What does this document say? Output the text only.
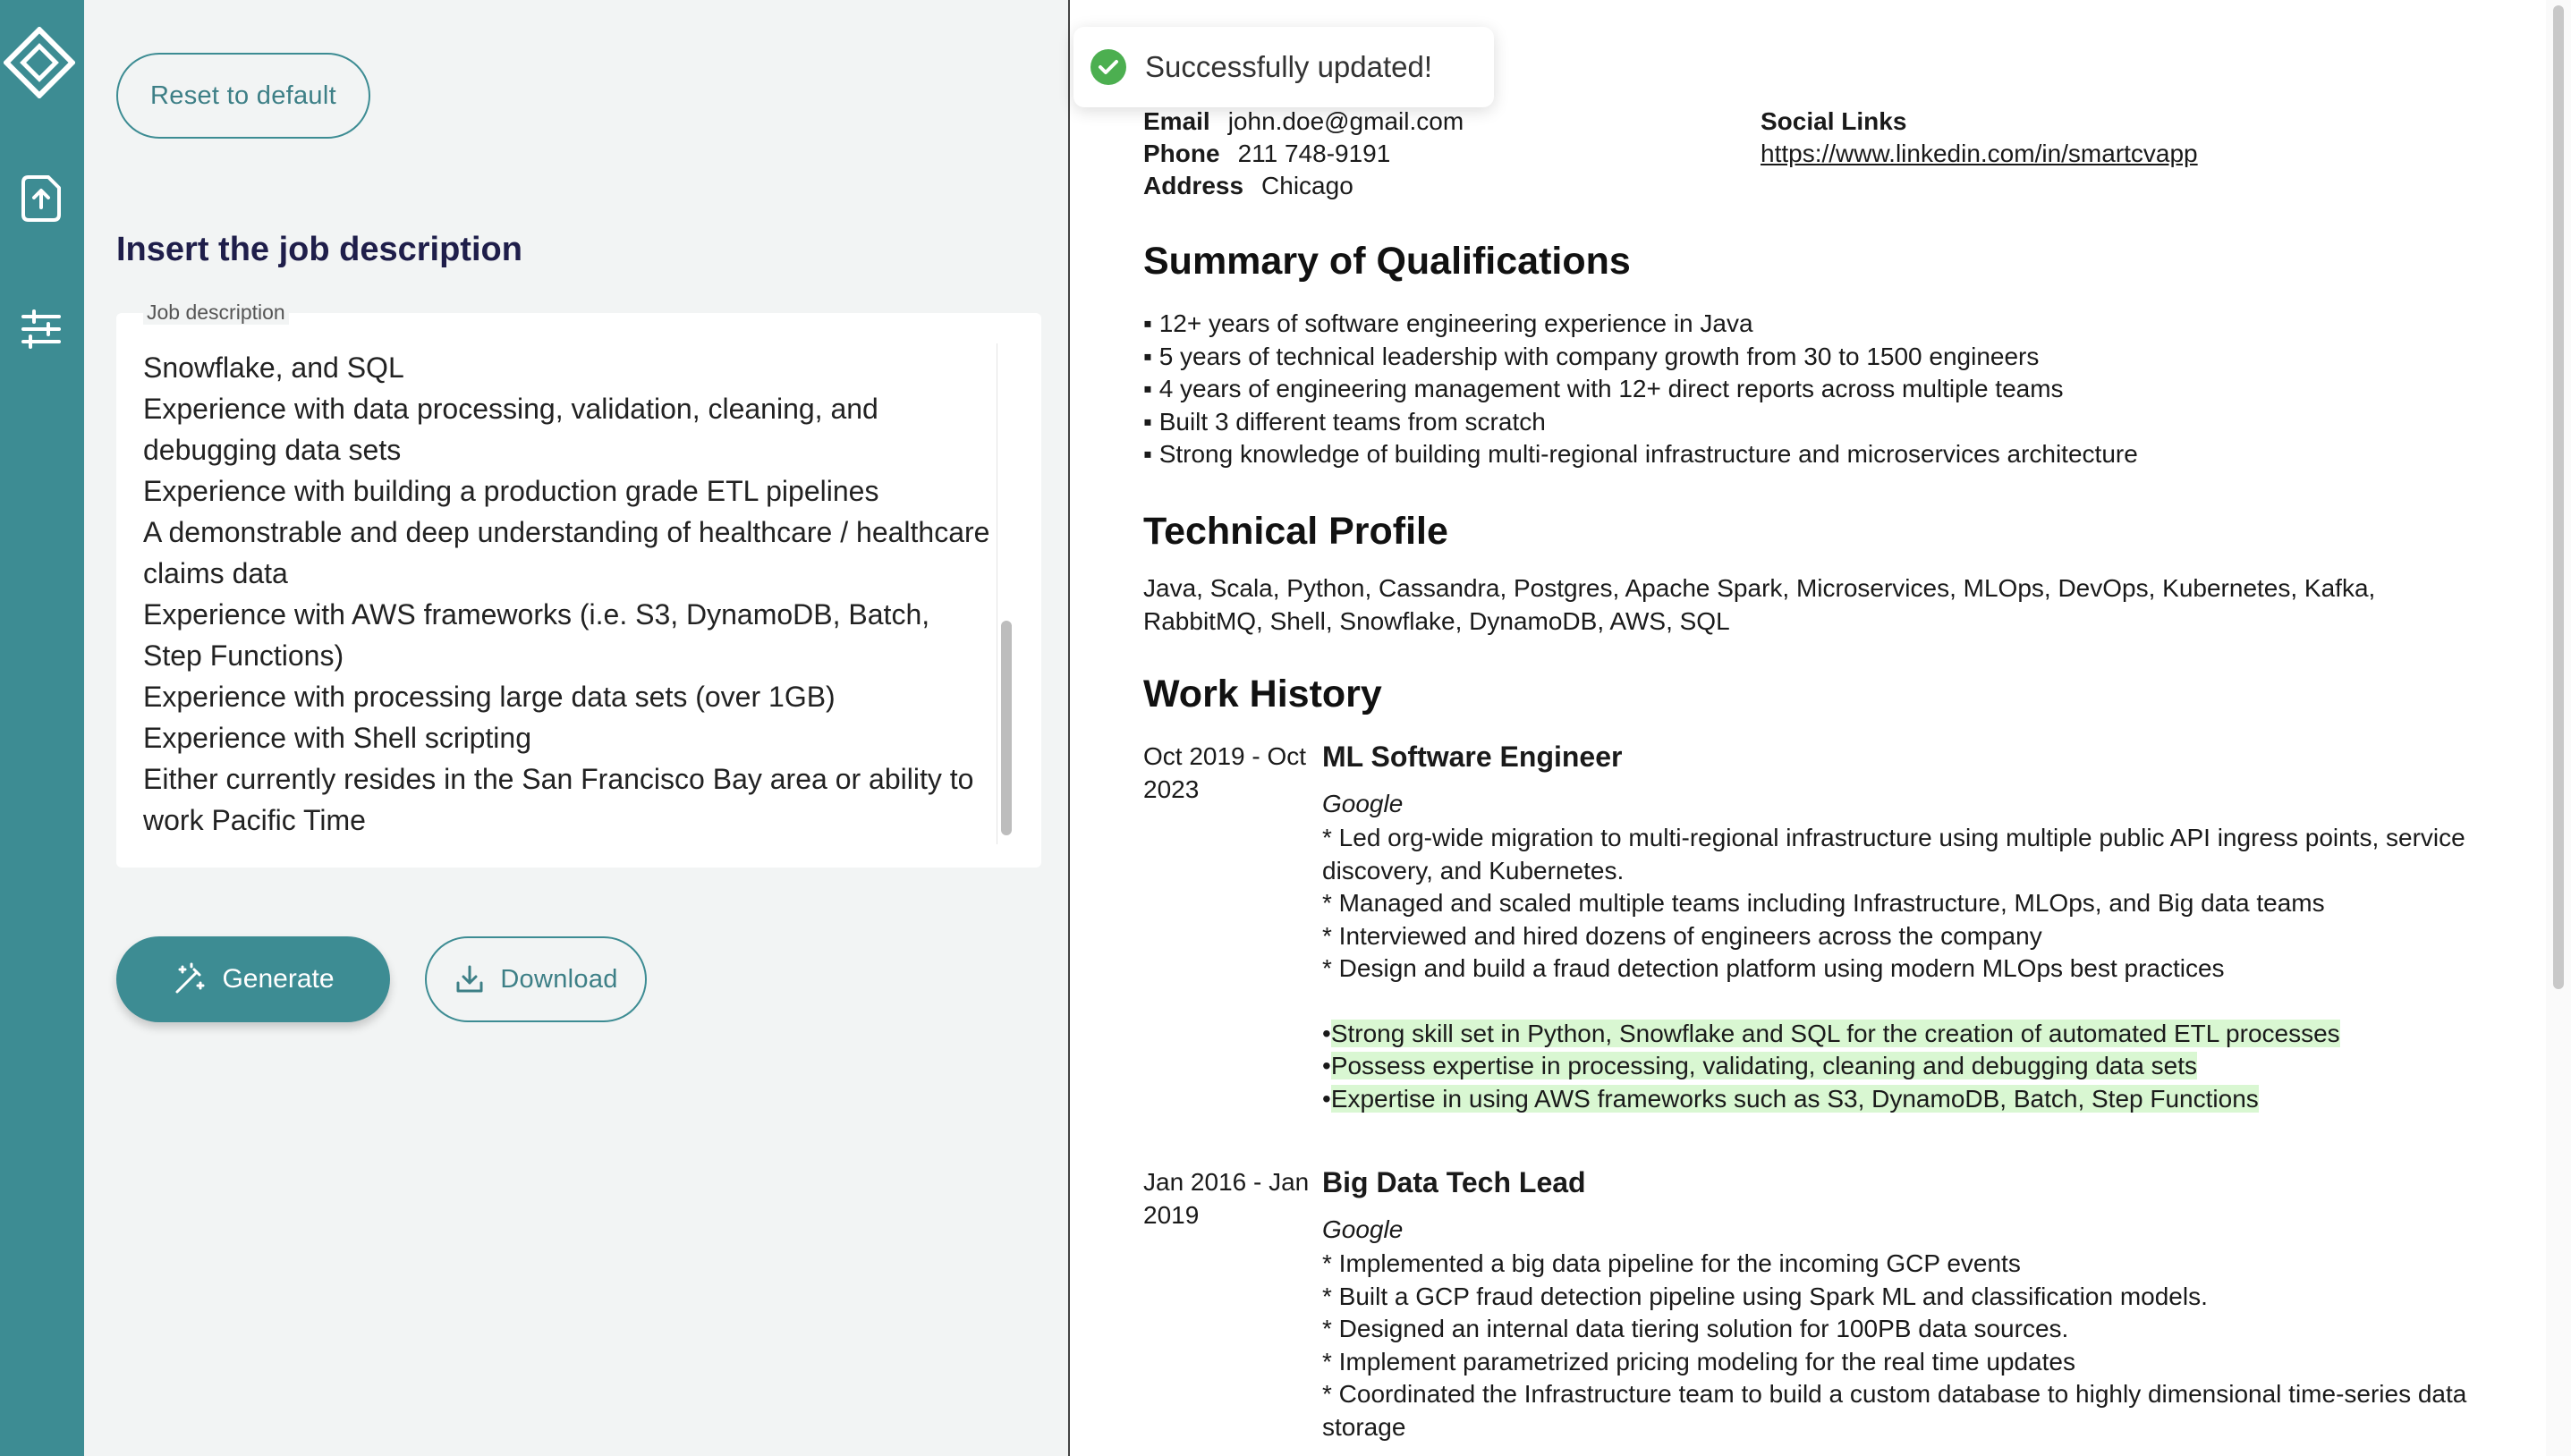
Reset to default
Insert the job description
Job description
Snowflake, and SQL
Experience with data processing, validation, cleaning, and debugging data sets
Experience with building a production grade ETL pipelines
A demonstrable and deep understanding of healthcare / healthcare claims data
Experience with AWS frameworks (i.e. S3, DynamoDB, Batch, Step Functions)
Experience with processing large data sets (over 1GB)
Experience with Shell scripting
Either currently resides in the San Francisco Bay area or ability to work Pacific Time
Generate	Download
Email john.doe@gmail.com
Phone 211 748-9191
Address Chicago
Social Links
https://www.linkedin.com/in/smartcvapp
Summary of Qualifications
▪ 12+ years of software engineering experience in Java
▪ 5 years of technical leadership with company growth from 30 to 1500 engineers
▪ 4 years of engineering management with 12+ direct reports across multiple teams
▪ Built 3 different teams from scratch
▪ Strong knowledge of building multi-regional infrastructure and microservices architecture
Technical Profile
Java, Scala, Python, Cassandra, Postgres, Apache Spark, Microservices, MLOps, DevOps, Kubernetes, Kafka, RabbitMQ, Shell, Snowflake, DynamoDB, AWS, SQL
Work History
Oct 2019 - Oct 2023
ML Software Engineer
Google
* Led org-wide migration to multi-regional infrastructure using multiple public API ingress points, service discovery, and Kubernetes.
* Managed and scaled multiple teams including Infrastructure, MLOps, and Big data teams
* Interviewed and hired dozens of engineers across the company
* Design and build a fraud detection platform using modern MLOps best practices
•Strong skill set in Python, Snowflake and SQL for the creation of automated ETL processes
•Possess expertise in processing, validating, cleaning and debugging data sets
•Expertise in using AWS frameworks such as S3, DynamoDB, Batch, Step Functions
Jan 2016 - Jan 2019
Big Data Tech Lead
Google
* Implemented a big data pipeline for the incoming GCP events
* Built a GCP fraud detection pipeline using Spark ML and classification models.
* Designed an internal data tiering solution for 100PB data sources.
* Implement parametrized pricing modeling for the real time updates
* Coordinated the Infrastructure team to build a custom database to highly dimensional time-series data storage
Successfully updated!
